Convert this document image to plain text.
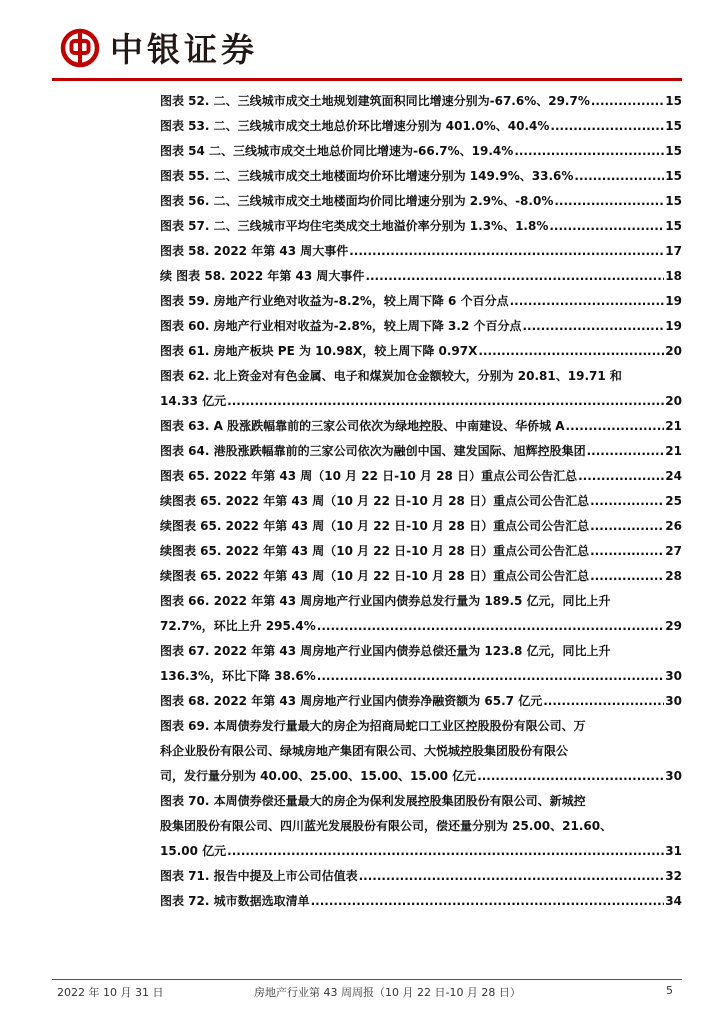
中银证券
图表 52. 二、三线城市成交土地规划建筑面积同比增速分别为-67.6%、29.7% .....	15
图表 53. 二、三线城市成交土地总价环比增速分别为 401.0%、40.4% .....	15
图表 54 二、三线城市成交土地总价同比增速为-66.7%、19.4% .....	15
图表 55. 二、三线城市成交土地楼面均价环比增速分别为 149.9%、33.6% .....	15
图表 56. 二、三线城市成交土地楼面均价同比增速分别为 2.9%、-8.0% .....	15
图表 57. 二、三线城市平均住宅类成交土地溢价率分别为 1.3%、1.8% .....	15
图表 58. 2022 年第 43 周大事件 .....	17
续 图表 58. 2022 年第 43 周大事件 .....	18
图表 59. 房地产行业绝对收益为-8.2%，较上周下降 6 个百分点 .....	19
图表 60. 房地产行业相对收益为-2.8%，较上周下降 3.2 个百分点 .....	19
图表 61. 房地产板块 PE 为 10.98X，较上周下降 0.97X .....	20
图表 62. 北上资金对有色金属、电子和煤炭加仓金额较大，分别为 20.81、19.71 和
14.33 亿元 .....	20
图表 63. A 股涨跌幅靠前的三家公司依次为绿地控股、中南建设、华侨城 A .....	21
图表 64. 港股涨跌幅靠前的三家公司依次为融创中国、建发国际、旭辉控股集团 .....	21
图表 65. 2022 年第 43 周（10 月 22 日-10 月 28 日）重点公司公告汇总 .....	24
续图表 65. 2022 年第 43 周（10 月 22 日-10 月 28 日）重点公司公告汇总 .....	25
续图表 65. 2022 年第 43 周（10 月 22 日-10 月 28 日）重点公司公告汇总 .....	26
续图表 65. 2022 年第 43 周（10 月 22 日-10 月 28 日）重点公司公告汇总 .....	27
续图表 65. 2022 年第 43 周（10 月 22 日-10 月 28 日）重点公司公告汇总 .....	28
图表 66. 2022 年第 43 周房地产行业国内债券总发行量为 189.5 亿元，同比上升
72.7%，环比上升 295.4% .....	29
图表 67. 2022 年第 43 周房地产行业国内债券总偿还量为 123.8 亿元，同比上升
136.3%，环比下降 38.6% .....	30
图表 68. 2022 年第 43 周房地产行业国内债券净融资额为 65.7 亿元 .....	30
图表 69. 本周债券发行量最大的房企为招商局蛇口工业区控股股份有限公司、万
科企业股份有限公司、绿城房地产集团有限公司、大悦城控股集团股份有限公
司，发行量分别为 40.00、25.00、15.00、15.00 亿元 .....	30
图表 70. 本周债券偿还量最大的房企为保利发展控股集团股份有限公司、新城控
股集团股份有限公司、四川蓝光发展股份有限公司，偿还量分别为 25.00、21.60、
15.00 亿元 .....	31
图表 71. 报告中提及上市公司估值表 .....	32
图表 72. 城市数据选取清单 .....	34
2022 年 10 月 31 日	房地产行业第 43 周周报（10 月 22 日-10 月 28 日）	5
